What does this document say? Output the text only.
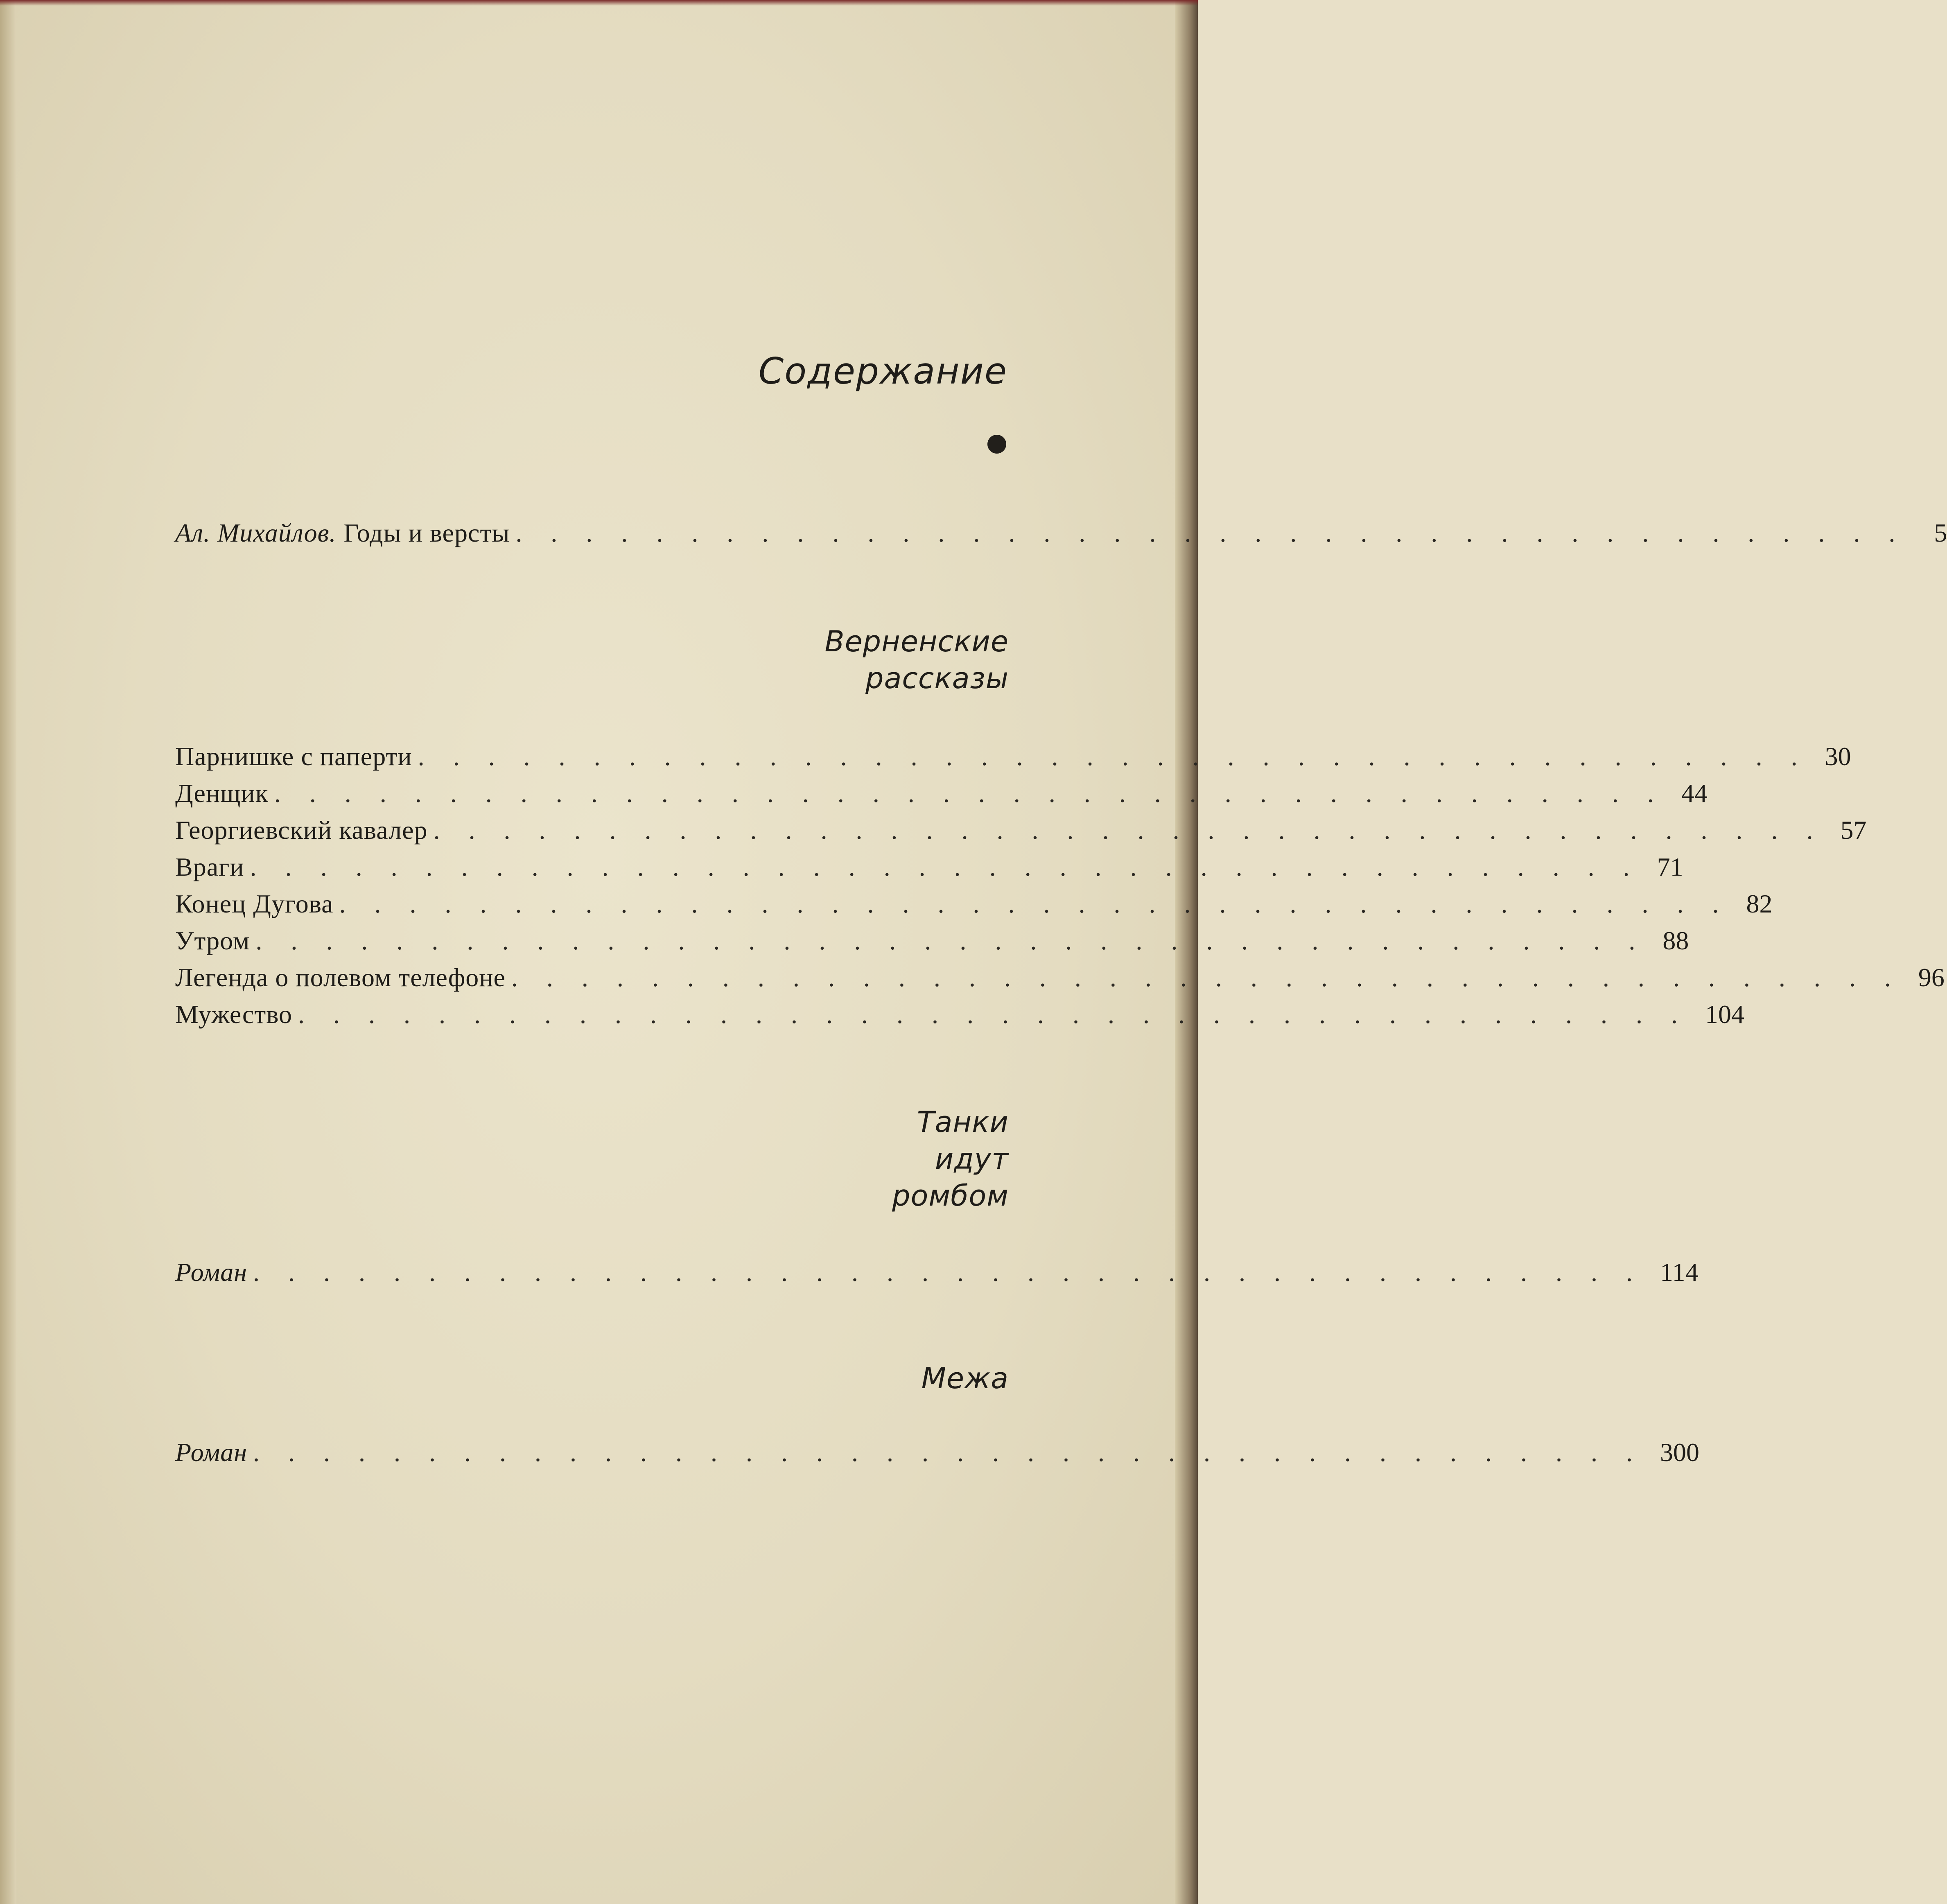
Содержание
Ал. Михайлов. Годы и версты . . . . . . . . . . . . . . . . . . . . . . . . . . . . . . . . . . . . . . . .	5
Верненские
рассказы
Парнишке с паперти . . . . . . . . . . . . . . . . . . . . . . . . . . . . . . . . . . . . . . . . 30
Денщик . . . . . . . . . . . . . . . . . . . . . . . . . . . . . . . . . . . . . . . . 44
Георгиевский кавалер . . . . . . . . . . . . . . . . . . . . . . . . . . . . . . . . . . . . . . . . 57
Враги . . . . . . . . . . . . . . . . . . . . . . . . . . . . . . . . . . . . . . . . 71
Конец Дугова . . . . . . . . . . . . . . . . . . . . . . . . . . . . . . . . . . . . . . . . 82
Утром . . . . . . . . . . . . . . . . . . . . . . . . . . . . . . . . . . . . . . . . 88
Легенда о полевом телефоне . . . . . . . . . . . . . . . . . . . . . . . . . . . . . . . . . . . . . . . . 96
Мужество . . . . . . . . . . . . . . . . . . . . . . . . . . . . . . . . . . . . . . . . 104
Танки
идут
ромбом
Роман . . . . . . . . . . . . . . . . . . . . . . . . . . . . . . . . . . . . . . . . 114
Межа
Роман . . . . . . . . . . . . . . . . . . . . . . . . . . . . . . . . . . . . . . . . 300
